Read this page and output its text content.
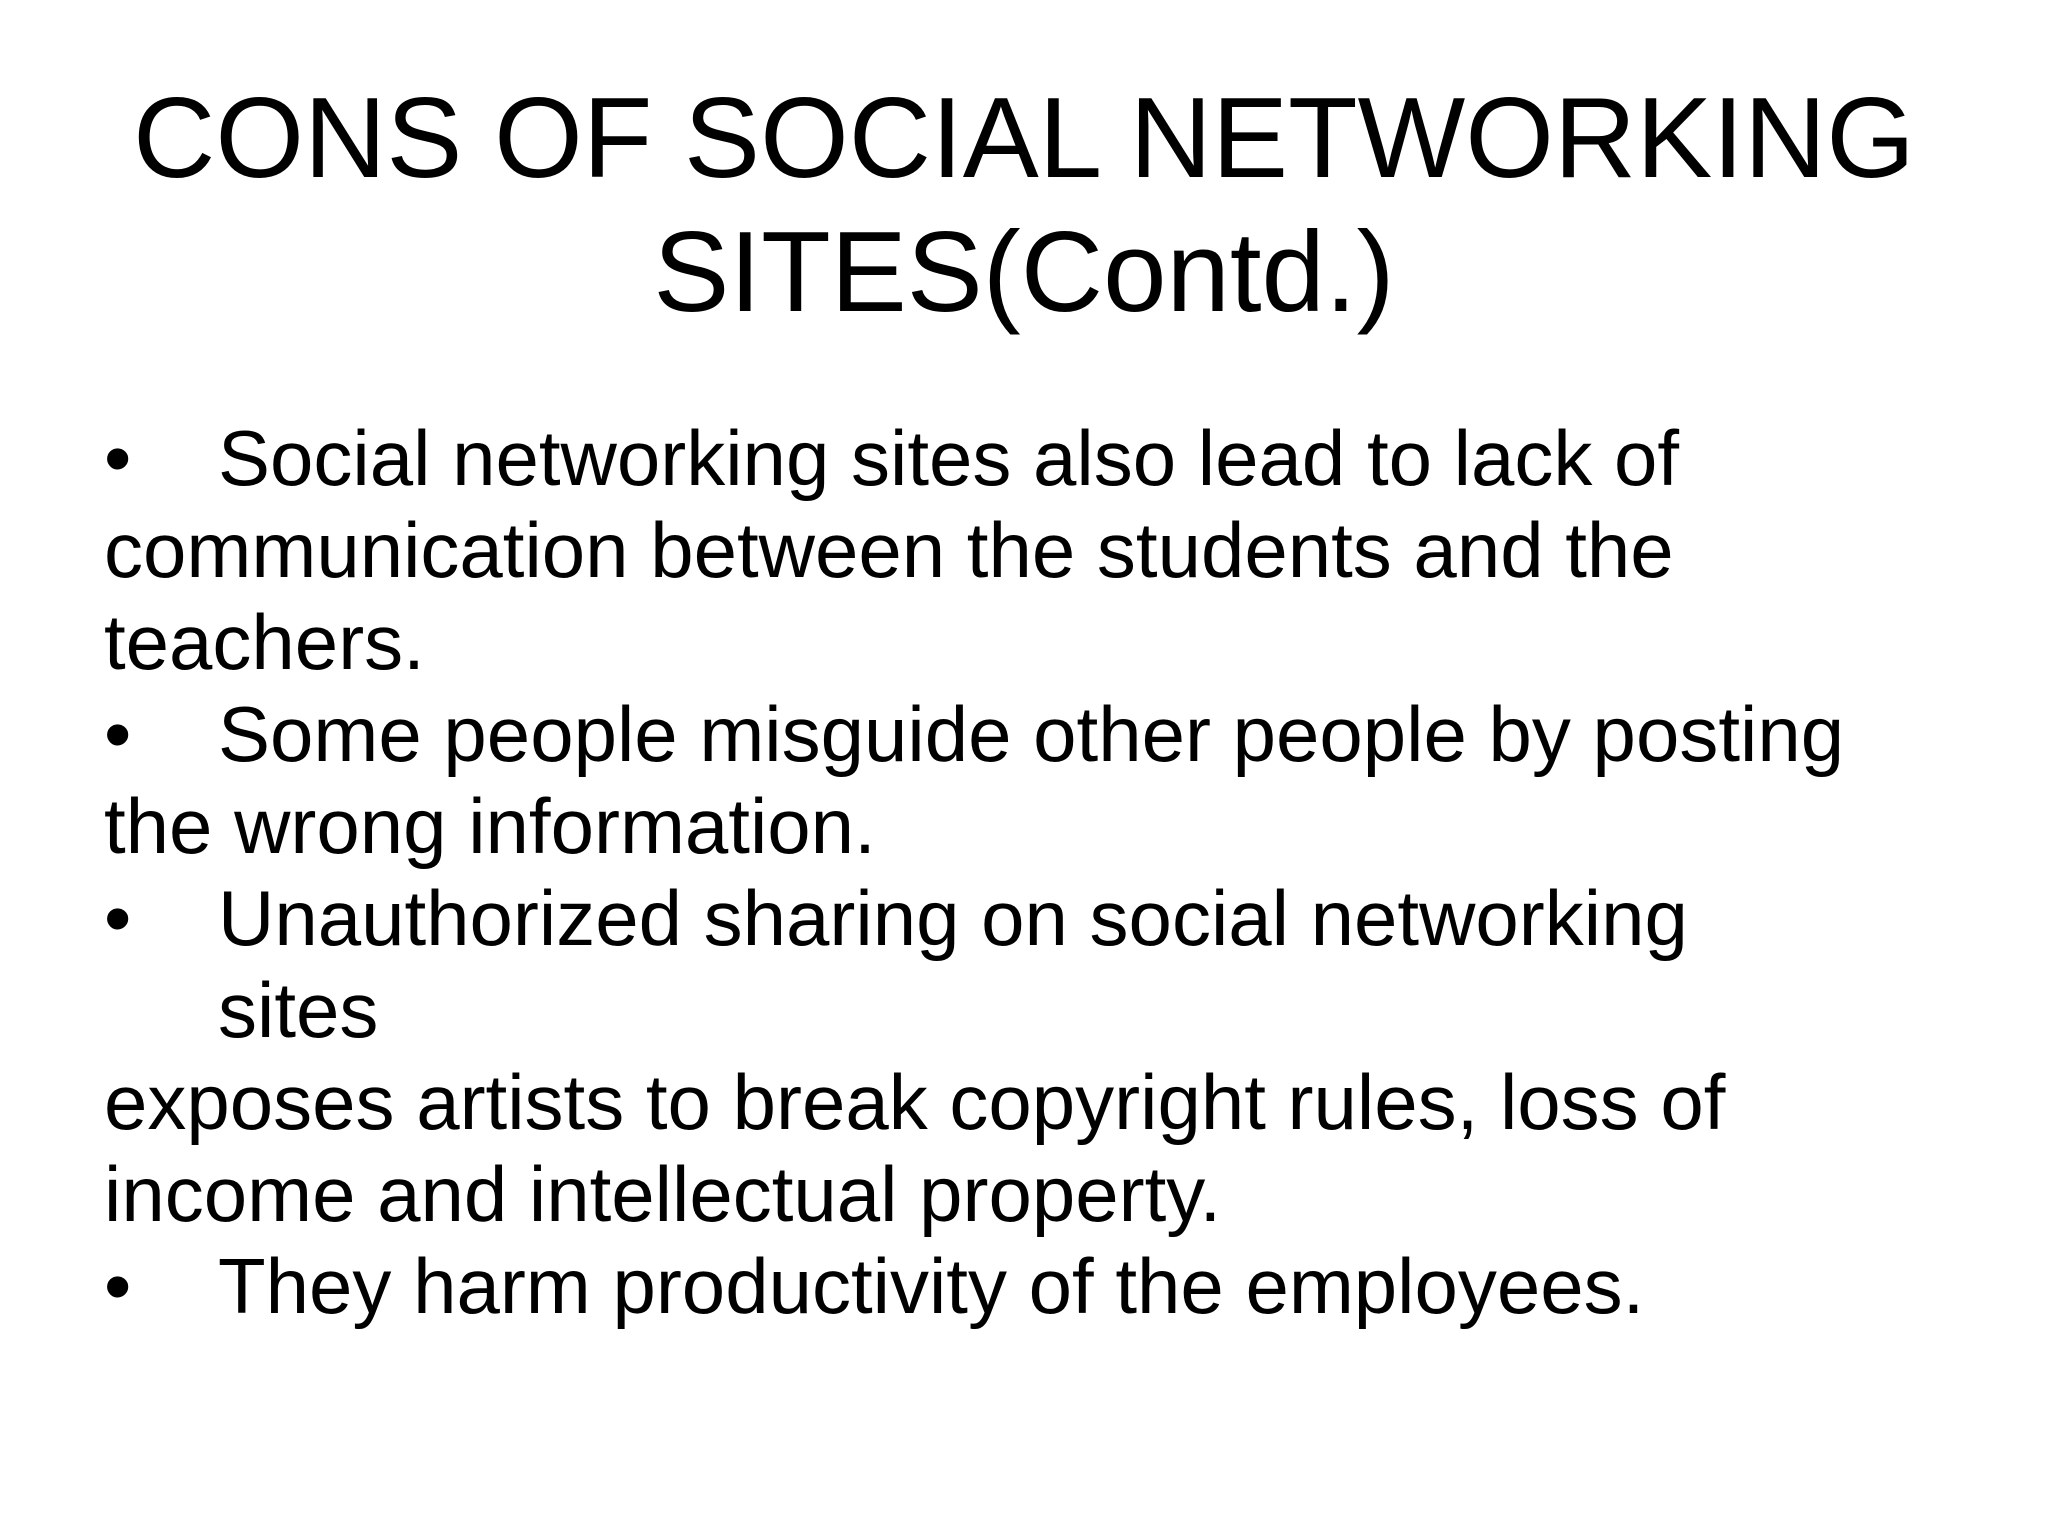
CONS OF SOCIAL NETWORKING
SITES(Contd.)
• Social networking sites also lead to lack of
communication between the students and the
teachers.
• Some people misguide other people by posting
the wrong information.
• Unauthorized sharing on social networking
sites
exposes artists to break copyright rules, loss of
income and intellectual property.
• They harm productivity of the employees.
